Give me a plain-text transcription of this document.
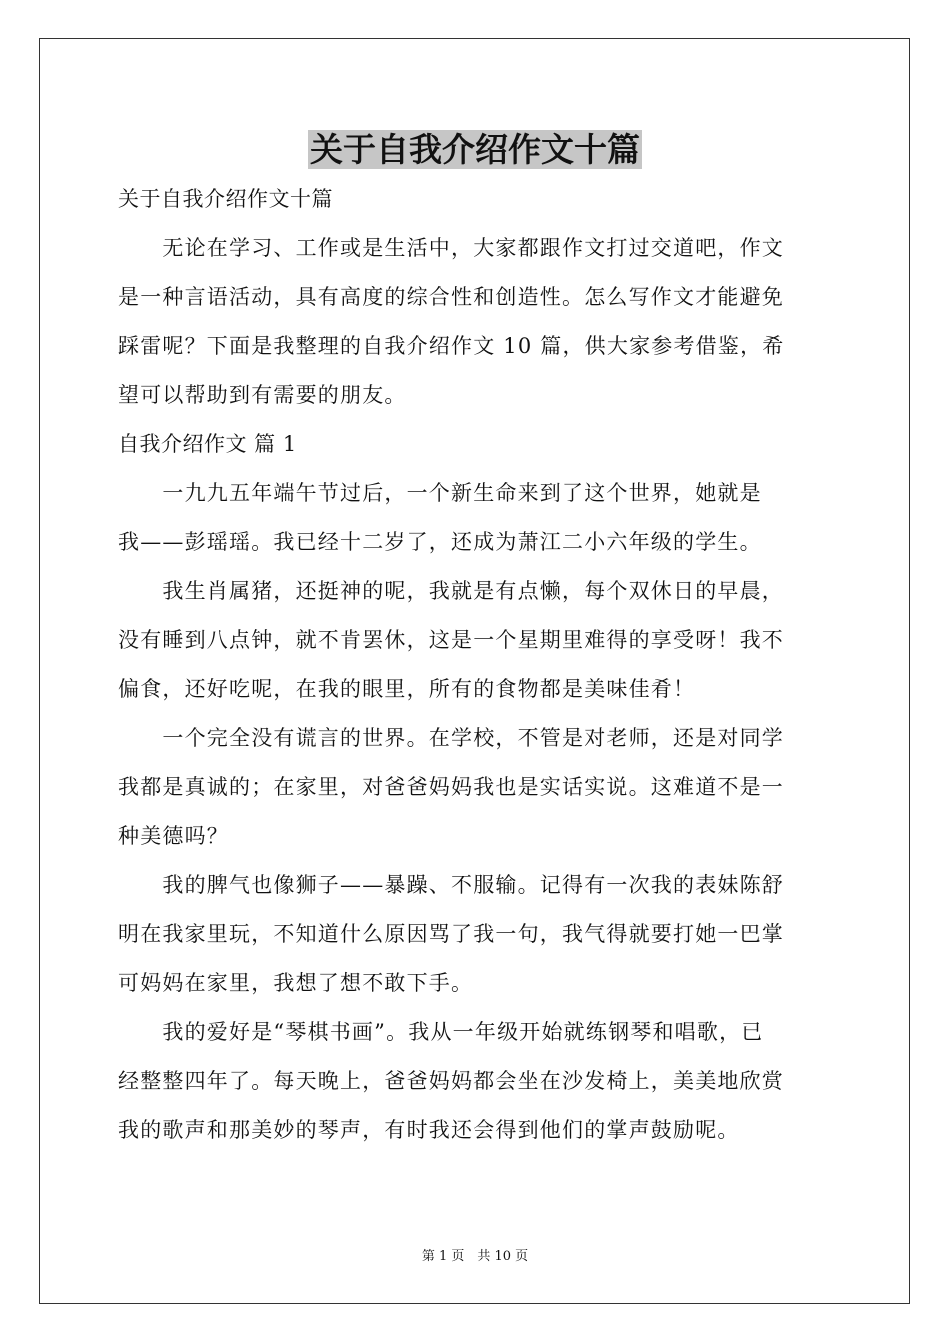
关于自我介绍作文十篇

关于自我介绍作文十篇

　　无论在学习、工作或是生活中，大家都跟作文打过交道吧，作文

是一种言语活动，具有高度的综合性和创造性。怎么写作文才能避免

踩雷呢？下面是我整理的自我介绍作文 10 篇，供大家参考借鉴，希

望可以帮助到有需要的朋友。

自我介绍作文 篇 1

　　一九九五年端午节过后，一个新生命来到了这个世界，她就是

我——彭瑶瑶。我已经十二岁了，还成为萧江二小六年级的学生。

　　我生肖属猪，还挺神的呢，我就是有点懒，每个双休日的早晨，

没有睡到八点钟，就不肯罢休，这是一个星期里难得的享受呀！我不

偏食，还好吃呢，在我的眼里，所有的食物都是美味佳肴！

　　一个完全没有谎言的世界。在学校，不管是对老师，还是对同学

我都是真诚的；在家里，对爸爸妈妈我也是实话实说。这难道不是一

种美德吗？

　　我的脾气也像狮子——暴躁、不服输。记得有一次我的表妹陈舒

明在我家里玩，不知道什么原因骂了我一句，我气得就要打她一巴掌

可妈妈在家里，我想了想不敢下手。

　　我的爱好是“琴棋书画”。我从一年级开始就练钢琴和唱歌，已

经整整四年了。每天晚上，爸爸妈妈都会坐在沙发椅上，美美地欣赏

我的歌声和那美妙的琴声，有时我还会得到他们的掌声鼓励呢。

第 1 页　共 10 页
